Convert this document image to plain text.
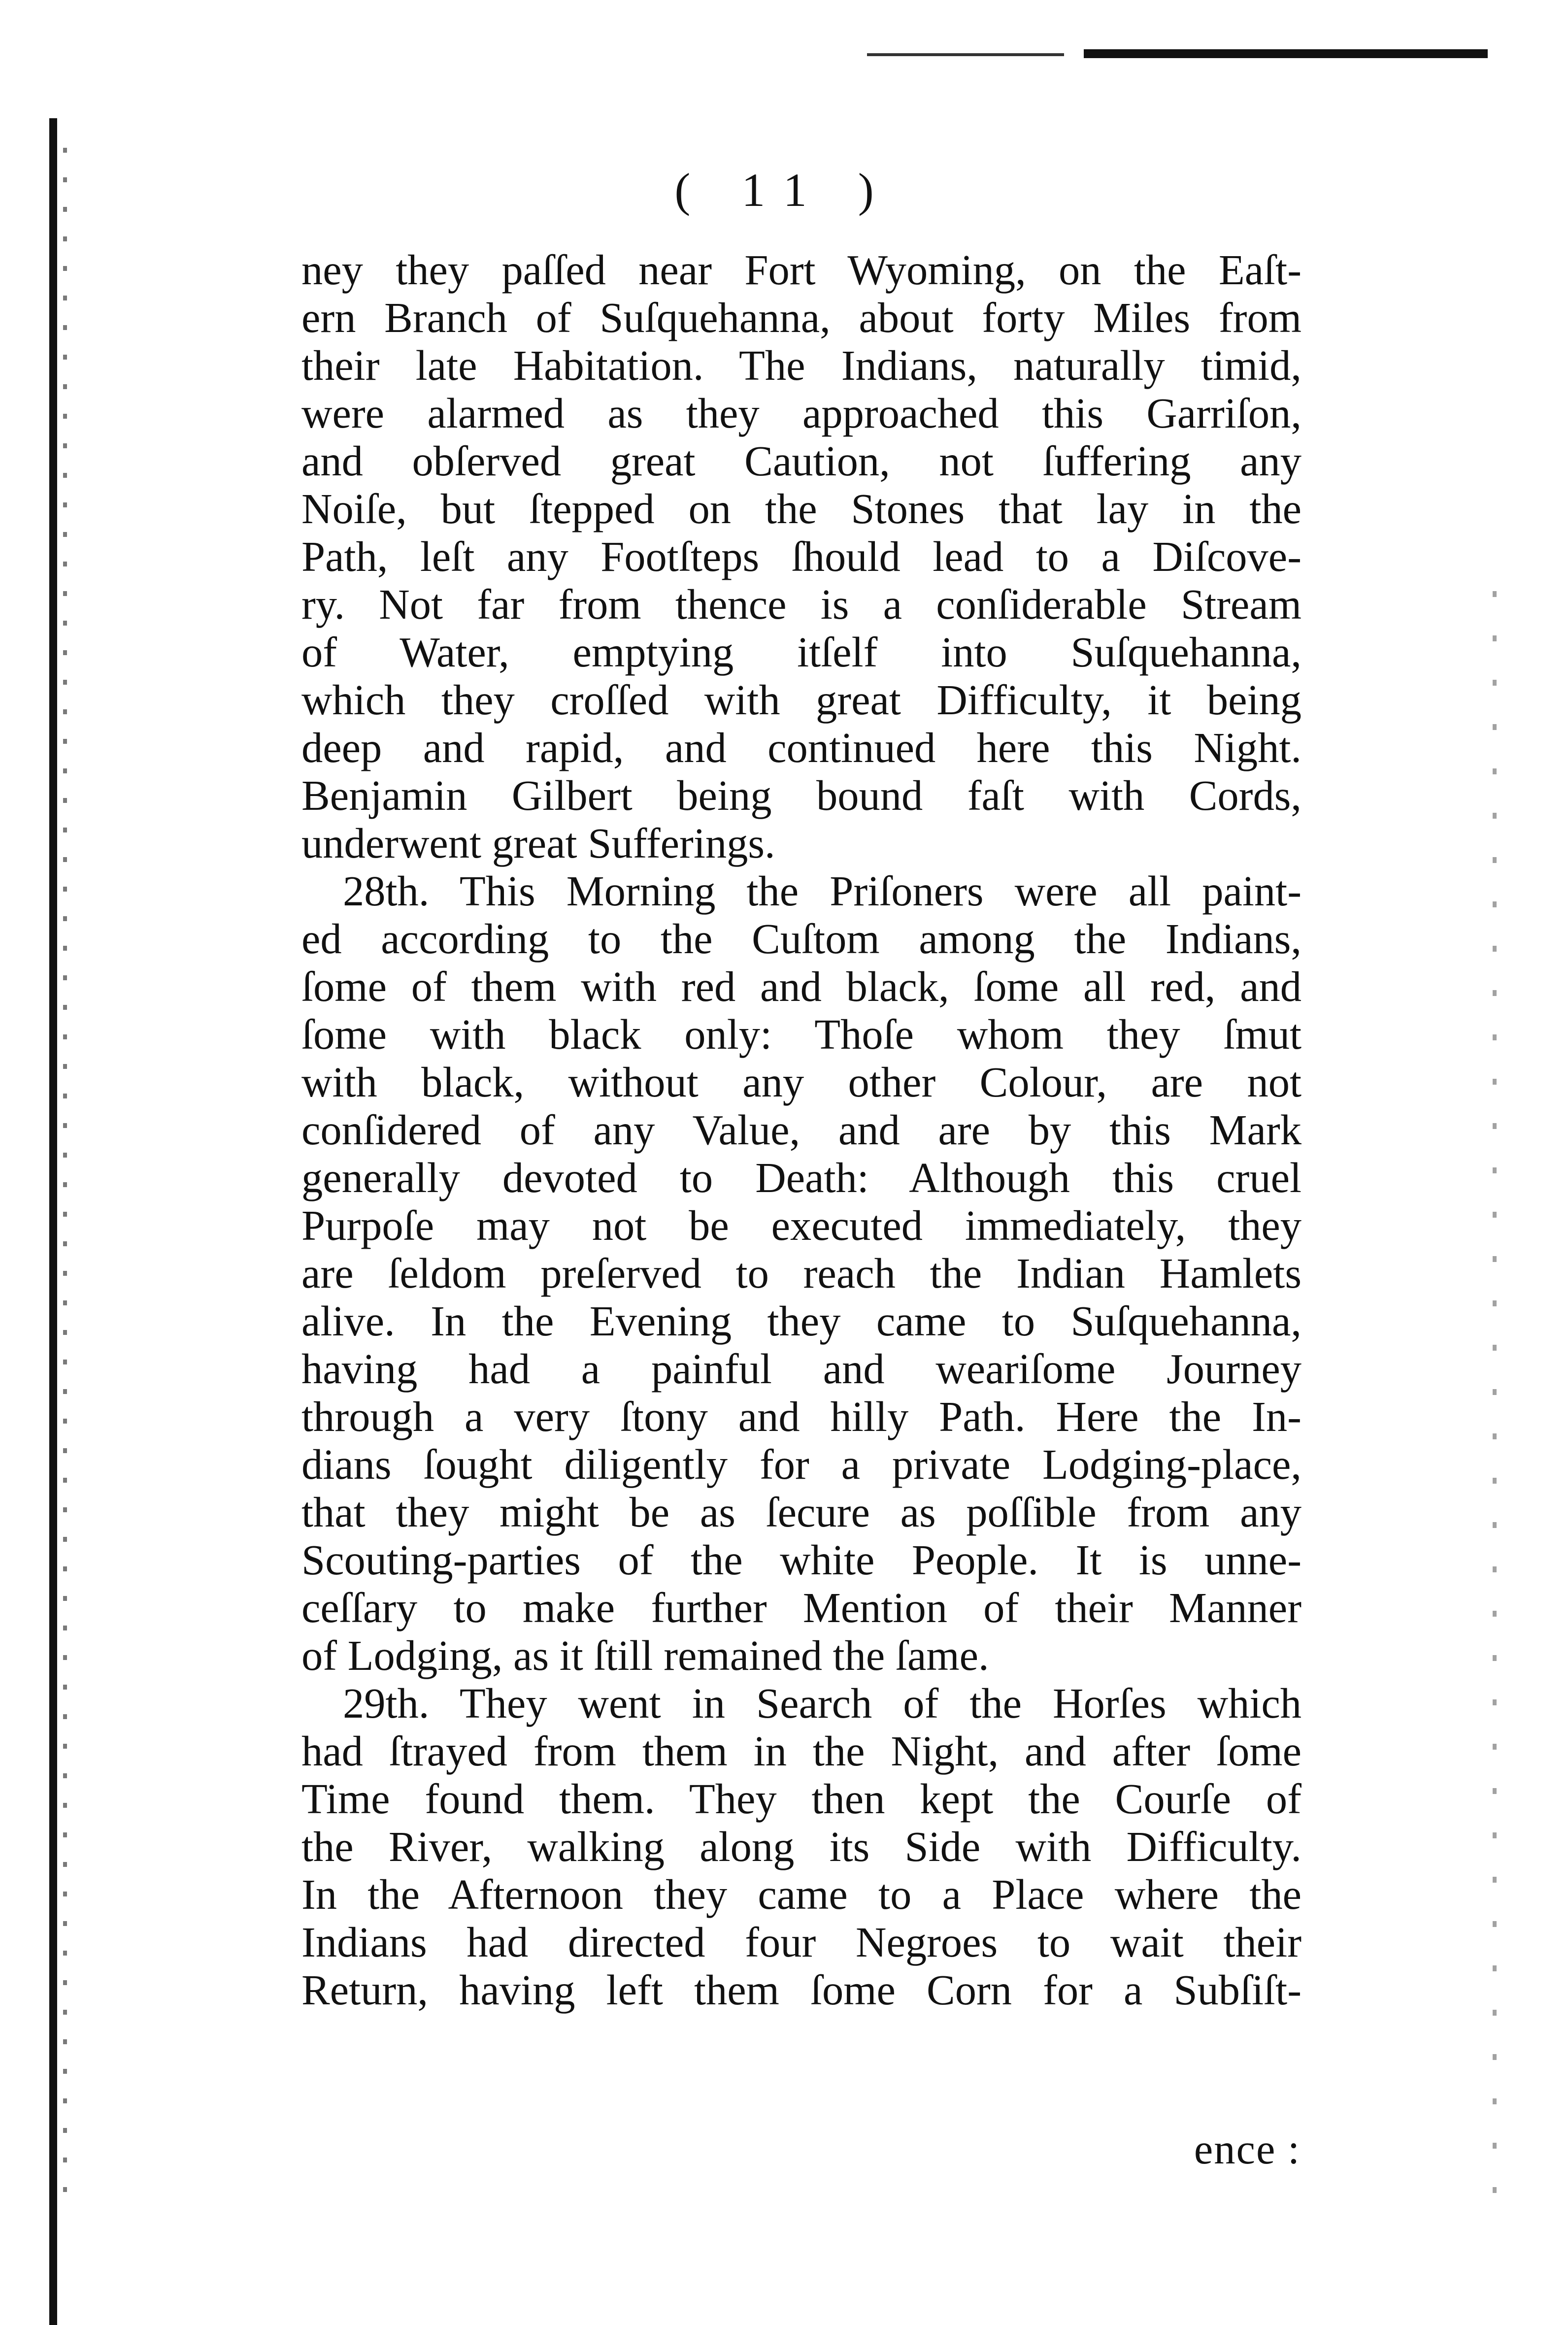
( 11 )
ney they paſſed near Fort Wyoming, on the Eaſt-
ern Branch of Suſquehanna, about forty Miles from
their late Habitation. The Indians, naturally timid,
were alarmed as they approached this Garriſon,
and obſerved great Caution, not ſuffering any
Noiſe, but ſtepped on the Stones that lay in the
Path, leſt any Footſteps ſhould lead to a Diſcove-
ry. Not far from thence is a conſiderable Stream
of Water, emptying itſelf into Suſquehanna,
which they croſſed with great Difficulty, it being
deep and rapid, and continued here this Night.
Benjamin Gilbert being bound faſt with Cords,
underwent great Sufferings.
28th. This Morning the Priſoners were all paint-
ed according to the Cuſtom among the Indians,
ſome of them with red and black, ſome all red, and
ſome with black only: Thoſe whom they ſmut
with black, without any other Colour, are not
conſidered of any Value, and are by this Mark
generally devoted to Death: Although this cruel
Purpoſe may not be executed immediately, they
are ſeldom preſerved to reach the Indian Hamlets
alive. In the Evening they came to Suſquehanna,
having had a painful and weariſome Journey
through a very ſtony and hilly Path. Here the In-
dians ſought diligently for a private Lodging-place,
that they might be as ſecure as poſſible from any
Scouting-parties of the white People. It is unne-
ceſſary to make further Mention of their Manner
of Lodging, as it ſtill remained the ſame.
29th. They went in Search of the Horſes which
had ſtrayed from them in the Night, and after ſome
Time found them. They then kept the Courſe of
the River, walking along its Side with Difficulty.
In the Afternoon they came to a Place where the
Indians had directed four Negroes to wait their
Return, having left them ſome Corn for a Subſiſt-
ence :
